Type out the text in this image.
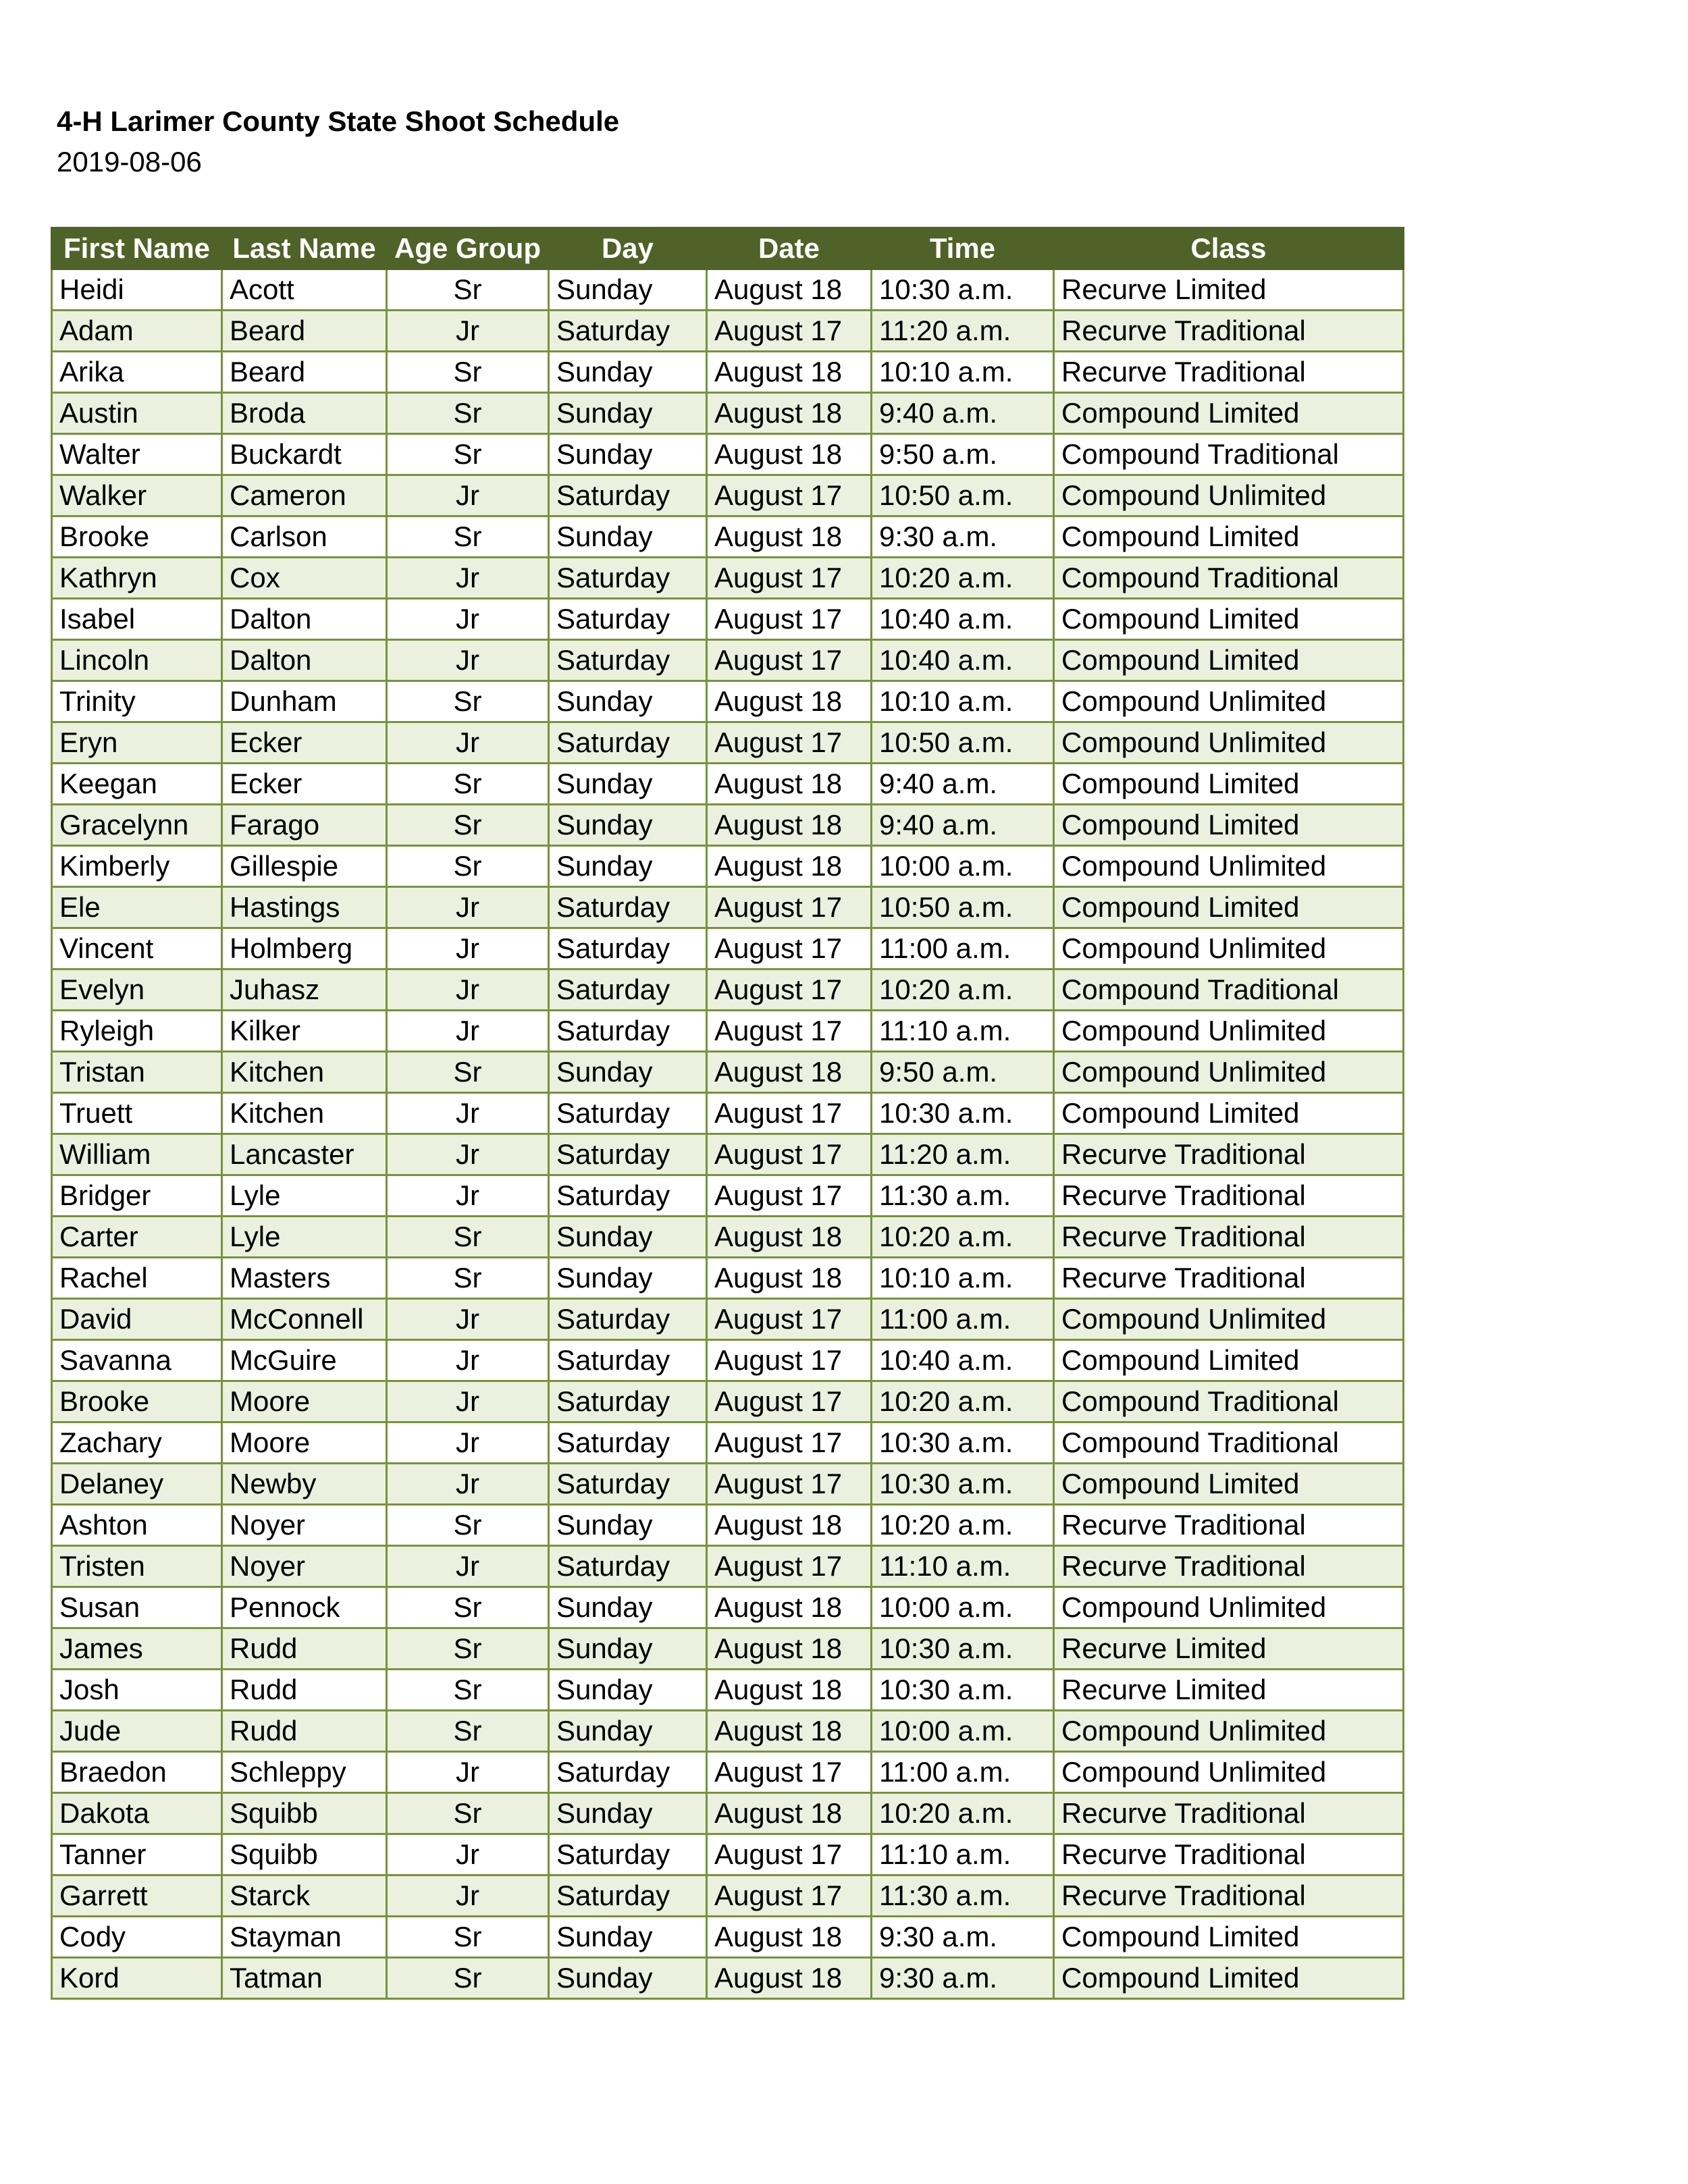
4-H Larimer County State Shoot Schedule
2019-08-06
First Name	Last Name	Age Group	Day	Date	Time	Class
Heidi	Acott	Sr	Sunday	August 18	10:30 a.m.	Recurve Limited
Adam	Beard	Jr	Saturday	August 17	11:20 a.m.	Recurve Traditional
Arika	Beard	Sr	Sunday	August 18	10:10 a.m.	Recurve Traditional
Austin	Broda	Sr	Sunday	August 18	9:40 a.m.	Compound Limited
Walter	Buckardt	Sr	Sunday	August 18	9:50 a.m.	Compound Traditional
Walker	Cameron	Jr	Saturday	August 17	10:50 a.m.	Compound Unlimited
Brooke	Carlson	Sr	Sunday	August 18	9:30 a.m.	Compound Limited
Kathryn	Cox	Jr	Saturday	August 17	10:20 a.m.	Compound Traditional
Isabel	Dalton	Jr	Saturday	August 17	10:40 a.m.	Compound Limited
Lincoln	Dalton	Jr	Saturday	August 17	10:40 a.m.	Compound Limited
Trinity	Dunham	Sr	Sunday	August 18	10:10 a.m.	Compound Unlimited
Eryn	Ecker	Jr	Saturday	August 17	10:50 a.m.	Compound Unlimited
Keegan	Ecker	Sr	Sunday	August 18	9:40 a.m.	Compound Limited
Gracelynn	Farago	Sr	Sunday	August 18	9:40 a.m.	Compound Limited
Kimberly	Gillespie	Sr	Sunday	August 18	10:00 a.m.	Compound Unlimited
Ele	Hastings	Jr	Saturday	August 17	10:50 a.m.	Compound Limited
Vincent	Holmberg	Jr	Saturday	August 17	11:00 a.m.	Compound Unlimited
Evelyn	Juhasz	Jr	Saturday	August 17	10:20 a.m.	Compound Traditional
Ryleigh	Kilker	Jr	Saturday	August 17	11:10 a.m.	Compound Unlimited
Tristan	Kitchen	Sr	Sunday	August 18	9:50 a.m.	Compound Unlimited
Truett	Kitchen	Jr	Saturday	August 17	10:30 a.m.	Compound Limited
William	Lancaster	Jr	Saturday	August 17	11:20 a.m.	Recurve Traditional
Bridger	Lyle	Jr	Saturday	August 17	11:30 a.m.	Recurve Traditional
Carter	Lyle	Sr	Sunday	August 18	10:20 a.m.	Recurve Traditional
Rachel	Masters	Sr	Sunday	August 18	10:10 a.m.	Recurve Traditional
David	McConnell	Jr	Saturday	August 17	11:00 a.m.	Compound Unlimited
Savanna	McGuire	Jr	Saturday	August 17	10:40 a.m.	Compound Limited
Brooke	Moore	Jr	Saturday	August 17	10:20 a.m.	Compound Traditional
Zachary	Moore	Jr	Saturday	August 17	10:30 a.m.	Compound Traditional
Delaney	Newby	Jr	Saturday	August 17	10:30 a.m.	Compound Limited
Ashton	Noyer	Sr	Sunday	August 18	10:20 a.m.	Recurve Traditional
Tristen	Noyer	Jr	Saturday	August 17	11:10 a.m.	Recurve Traditional
Susan	Pennock	Sr	Sunday	August 18	10:00 a.m.	Compound Unlimited
James	Rudd	Sr	Sunday	August 18	10:30 a.m.	Recurve Limited
Josh	Rudd	Sr	Sunday	August 18	10:30 a.m.	Recurve Limited
Jude	Rudd	Sr	Sunday	August 18	10:00 a.m.	Compound Unlimited
Braedon	Schleppy	Jr	Saturday	August 17	11:00 a.m.	Compound Unlimited
Dakota	Squibb	Sr	Sunday	August 18	10:20 a.m.	Recurve Traditional
Tanner	Squibb	Jr	Saturday	August 17	11:10 a.m.	Recurve Traditional
Garrett	Starck	Jr	Saturday	August 17	11:30 a.m.	Recurve Traditional
Cody	Stayman	Sr	Sunday	August 18	9:30 a.m.	Compound Limited
Kord	Tatman	Sr	Sunday	August 18	9:30 a.m.	Compound Limited
